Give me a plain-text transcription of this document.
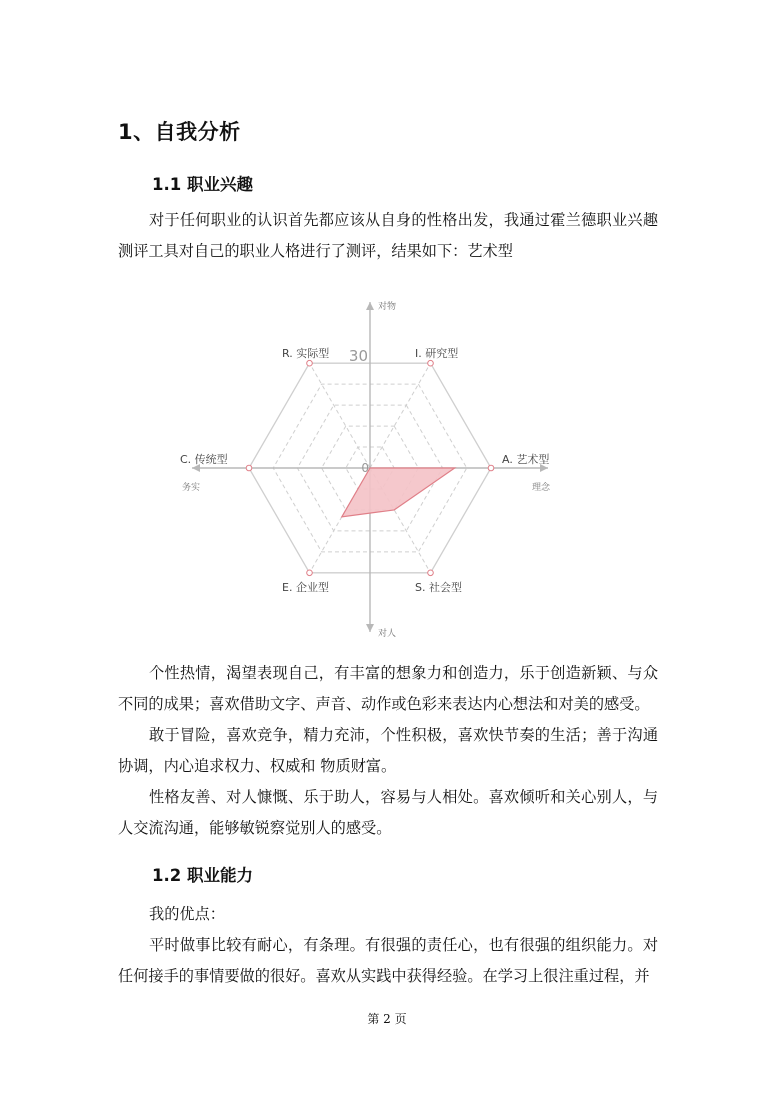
1、自我分析
1.1 职业兴趣

对于任何职业的认识首先都应该从自身的性格出发，我通过霍兰德职业兴趣测评工具对自己的职业人格进行了测评，结果如下：艺术型

I. 研究型
A. 艺术型
S. 社会型
E. 企业型
C. 传统型
R. 实际型
对物
对人
务实	理念
30
0

个性热情，渴望表现自己，有丰富的想象力和创造力，乐于创造新颖、与众不同的成果；喜欢借助文字、声音、动作或色彩来表达内心想法和对美的感受。

敢于冒险，喜欢竞争，精力充沛，个性积极，喜欢快节奏的生活；善于沟通协调，内心追求权力、权威和 物质财富。

性格友善、对人慷慨、乐于助人，容易与人相处。喜欢倾听和关心别人，与人交流沟通，能够敏锐察觉别人的感受。

1.2 职业能力

我的优点：

平时做事比较有耐心，有条理。有很强的责任心，也有很强的组织能力。对任何接手的事情要做的很好。喜欢从实践中获得经验。在学习上很注重过程，并

第 2 页
